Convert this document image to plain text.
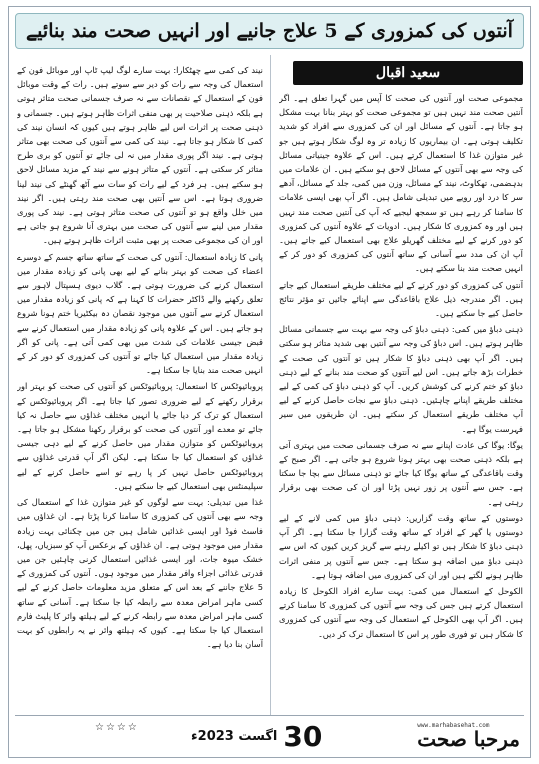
آنتوں کی کمزوری کے 5 علاج جانیے اور انہیں صحت مند بنائیے
سعید اقبال

مجموعی صحت اور آنتوں کی صحت کا آپس میں گہرا تعلق ہے۔ اگر آنتیں صحت مند نہیں ہیں تو مجموعی صحت کو بہتر بنانا بہت مشکل ہو جاتا ہے۔ آنتوں کے مسائل اور ان کی کمزوری سے افراد کو شدید تکلیف ہوتی ہے۔ ان بیماریوں کا زیادہ تر وہ لوگ شکار ہوتے ہیں جو غیر متوازن غذا کا استعمال کرتے ہیں۔ اس کے علاوہ جینیاتی مسائل کی وجہ سے بھی آنتوں کے مسائل لاحق ہو سکتے ہیں۔ ان علامات میں بدہضمی، تھکاوٹ، نیند کے مسائل، وزن میں کمی، جلد کے مسائل، آدھے سر کا درد اور رویے میں تبدیلی شامل ہیں۔ اگر آپ بھی ایسی علامات کا سامنا کر رہے ہیں تو سمجھ لیجیے کہ آپ کی آنتیں صحت مند نہیں ہیں اور وہ کمزوری کا شکار ہیں۔ ادویات کے علاوہ آنتوں کی کمزوری کو دور کرنے کے لیے مختلف گھریلو علاج بھی استعمال کیے جاتے ہیں۔ آپ ان کی مدد سے آسانی کے ساتھ آنتوں کی کمزوری کو دور کر کے انہیں صحت مند بنا سکتے ہیں۔

آنتوں کی کمزوری کو دور کرنے کے لیے مختلف طریقے استعمال کیے جاتے ہیں۔ اگر مندرجہ ذیل علاج باقاعدگی سے اپنائے جائیں تو مؤثر نتائج حاصل کیے جا سکتے ہیں۔

ذہنی دباؤ میں کمی: ذہنی دباؤ کی وجہ سے بہت سے جسمانی مسائل ظاہر ہوتے ہیں۔ اس دباؤ کی وجہ سے آنتیں بھی شدید متاثر ہو سکتی ہیں۔ اگر آپ بھی ذہنی دباؤ کا شکار ہیں تو آنتوں کی صحت کے خطرات بڑھ جاتے ہیں۔ اس لیے آنتوں کو صحت مند بنانے کے لیے ذہنی دباؤ کو ختم کرنے کی کوشش کریں۔ آپ کو ذہنی دباؤ کی کمی کے لیے مختلف طریقے اپنانے چاہئیں۔ ذہنی دباؤ سے نجات حاصل کرنے کے لیے آپ مختلف طریقے استعمال کر سکتے ہیں۔ ان طریقوں میں سیر فہرست یوگا ہے۔

یوگا: یوگا کی عادت اپنانے سے نہ صرف جسمانی صحت میں بہتری آتی ہے بلکہ ذہنی صحت بھی بہتر ہونا شروع ہو جاتی ہے۔ اگر صبح کے وقت باقاعدگی کے ساتھ یوگا کیا جائے تو ذہنی مسائل سے بچا جا سکتا ہے۔ جس سے آنتوں پر زور نہیں پڑتا اور ان کی صحت بھی برقرار رہتی ہے۔

دوستوں کے ساتھ وقت گزاریں: ذہنی دباؤ میں کمی لانے کے لیے دوستوں یا گھر کے افراد کے ساتھ وقت گزارا جا سکتا ہے۔ اگر آپ ذہنی دباؤ کا شکار ہیں تو اکیلے رہنے سے گریز کریں کیوں کہ اس سے ذہنی دباؤ میں اضافہ ہو سکتا ہے۔ جس سے آنتوں پر منفی اثرات ظاہر ہونے لگتے ہیں اور ان کی کمزوری میں اضافہ ہوتا ہے۔

الکوحل کے استعمال میں کمی: بہت سارے افراد الکوحل کا زیادہ استعمال کرتے ہیں جس کی وجہ سے آنتوں کی کمزوری کا سامنا کرتے ہیں۔ اگر آپ بھی الکوحل کے استعمال کی وجہ سے آنتوں کی کمزوری کا شکار ہیں تو فوری طور پر اس کا استعمال ترک کر دیں۔

نیند کی کمی سے چھٹکارا: بہت سارے لوگ لیپ ٹاپ اور موبائل فون کے استعمال کی وجہ سے رات کو دیر سے سوتے ہیں۔ رات کے وقت موبائل فون کے استعمال کے نقصانات سے نہ صرف جسمانی صحت متاثر ہوتی ہے بلکہ ذہنی صلاحیت پر بھی منفی اثرات ظاہر ہوتے ہیں۔ جسمانی و ذہنی صحت پر اثرات اس لیے ظاہر ہوتے ہیں کیوں کہ انسان نیند کی کمی کا شکار ہو جاتا ہے۔ نیند کی کمی سے آنتوں کی صحت بھی متاثر ہوتی ہے۔ نیند اگر پوری مقدار میں نہ لی جائے تو آنتوں کو بری طرح متاثر کر سکتی ہے۔ آنتوں کے متاثر ہونے سے نیند کے مزید مسائل لاحق ہو سکتے ہیں۔ ہر فرد کے لیے رات کو سات سے آٹھ گھنٹے کی نیند لینا ضروری ہوتا ہے۔ اس سے آنتیں بھی صحت مند رہتی ہیں۔ اگر نیند میں خلل واقع ہو تو آنتوں کی صحت متاثر ہوتی ہے۔ نیند کی پوری مقدار میں لینے سے آنتوں کی صحت میں بہتری آنا شروع ہو جاتی ہے اور ان کی مجموعی صحت پر بھی مثبت اثرات ظاہر ہوتے ہیں۔

پانی کا زیادہ استعمال: آنتوں کی صحت کے ساتھ ساتھ جسم کے دوسرے اعضاء کی صحت کو بہتر بنانے کے لیے بھی پانی کو زیادہ مقدار میں استعمال کرنے کی ضرورت ہوتی ہے۔ گلاب دیوی ہسپتال لاہور سے تعلق رکھنے والے ڈاکٹر حضرات کا کہنا ہے کہ پانی کو زیادہ مقدار میں استعمال کرنے سے آنتوں میں موجود نقصان دہ بیکٹیریا ختم ہونا شروع ہو جاتے ہیں۔ اس کے علاوہ پانی کو زیادہ مقدار میں استعمال کرنے سے قبض جیسی علامات کی شدت میں بھی کمی آتی ہے۔ پانی کو اگر زیادہ مقدار میں استعمال کیا جائے تو آنتوں کی کمزوری کو دور کر کے انہیں صحت مند بنایا جا سکتا ہے۔

پروبائیوٹکس کا استعمال: پروبائیوٹکس کو آنتوں کی صحت کو بہتر اور برقرار رکھنے کے لیے ضروری تصور کیا جاتا ہے۔ اگر پروبائیوٹکس کے استعمال کو ترک کر دیا جائے یا انہیں مختلف غذاؤں سے حاصل نہ کیا جائے تو معدے اور آنتوں کی صحت کو برقرار رکھنا مشکل ہو جاتا ہے۔ پروبائیوٹکس کو متوازن مقدار میں حاصل کرنے کے لیے دہی جیسی غذاؤں کو استعمال کیا جا سکتا ہے۔ لیکن اگر آپ قدرتی غذاؤں سے پروبائیوٹکس حاصل نہیں کر پا رہے تو اسے حاصل کرنے کے لیے سپلیمنٹس بھی استعمال کیے جا سکتے ہیں۔

غذا میں تبدیلی: بہت سے لوگوں کو غیر متوازن غذا کے استعمال کی وجہ سے بھی آنتوں کی کمزوری کا سامنا کرنا پڑتا ہے۔ ان غذاؤں میں فاسٹ فوڈ اور ایسی غذائیں شامل ہیں جن میں چکنائی بہت زیادہ مقدار میں موجود ہوتی ہے۔ ان غذاؤں کے برعکس آپ کو سبزیاں، پھل، خشک میوہ جات، اور ایسی غذائیں استعمال کرنی چاہئیں جن میں قدرتی غذائی اجزاء وافر مقدار میں موجود ہوں۔ آنتوں کی کمزوری کے 5 علاج جاننے کے بعد اس کے متعلق مزید معلومات حاصل کرنے کے لیے کسی ماہر امراض معدہ سے رابطہ کیا جا سکتا ہے۔ آسانی کے ساتھ کسی ماہر امراض معدہ سے رابطہ کرنے کے لیے ہیلتھ وائر کا پلیٹ فارم استعمال کیا جا سکتا ہے۔ کیوں کہ ہیلتھ وائر نے یہ رابطوں کو بہت آسان بنا دیا ہے۔

اگست 2023ء 30	www.marhabasehat.com
مرحبا صحت
☆☆☆☆
